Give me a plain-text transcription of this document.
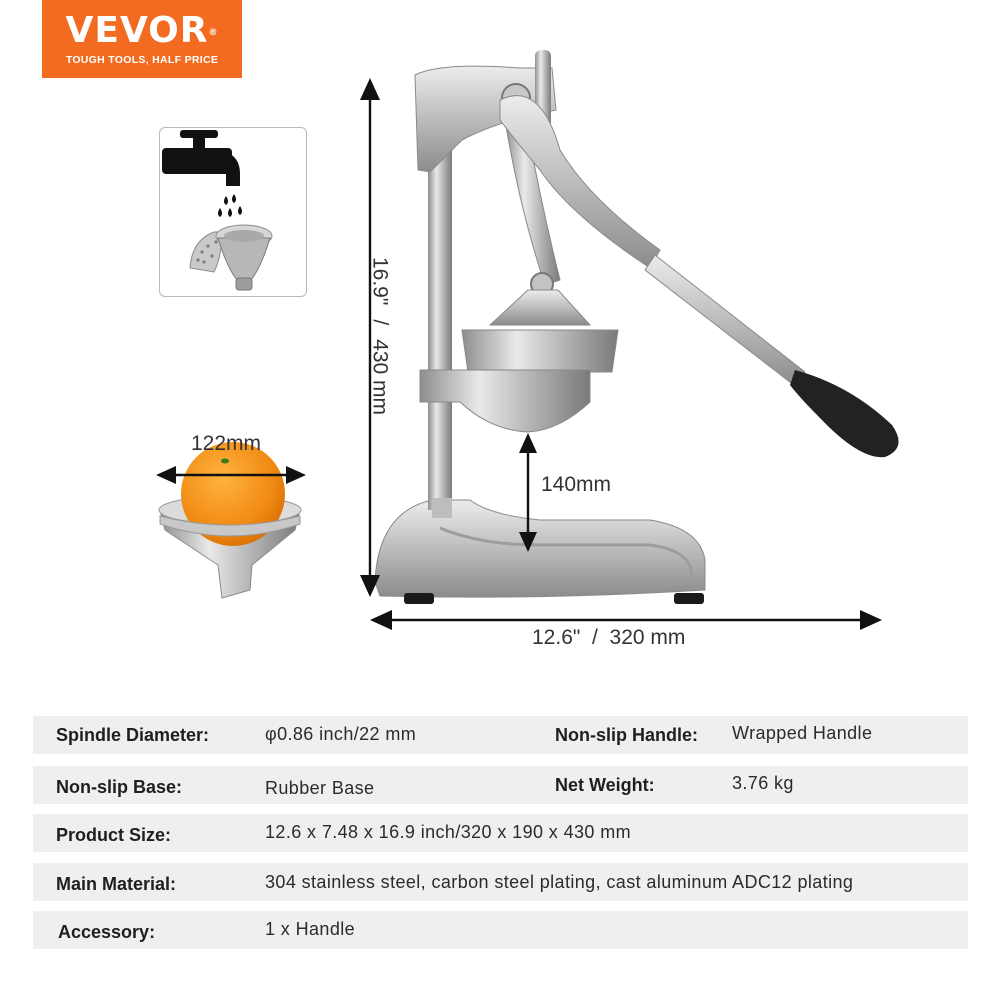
VEVOR®
TOUGH TOOLS, HALF PRICE
16.9"
/
430 mm
12.6" / 320 mm
140mm
122mm
Spindle Diameter:	φ0.86 inch/22 mm	Non-slip Handle: Wrapped Handle
Non-slip Base:	Rubber Base	Net Weight:	3.76 kg
Product Size:	12.6 x 7.48 x 16.9 inch/320 x 190 x 430 mm
Main Material:	304 stainless steel, carbon steel plating, cast aluminum ADC12 plating
Accessory:	1 x Handle
